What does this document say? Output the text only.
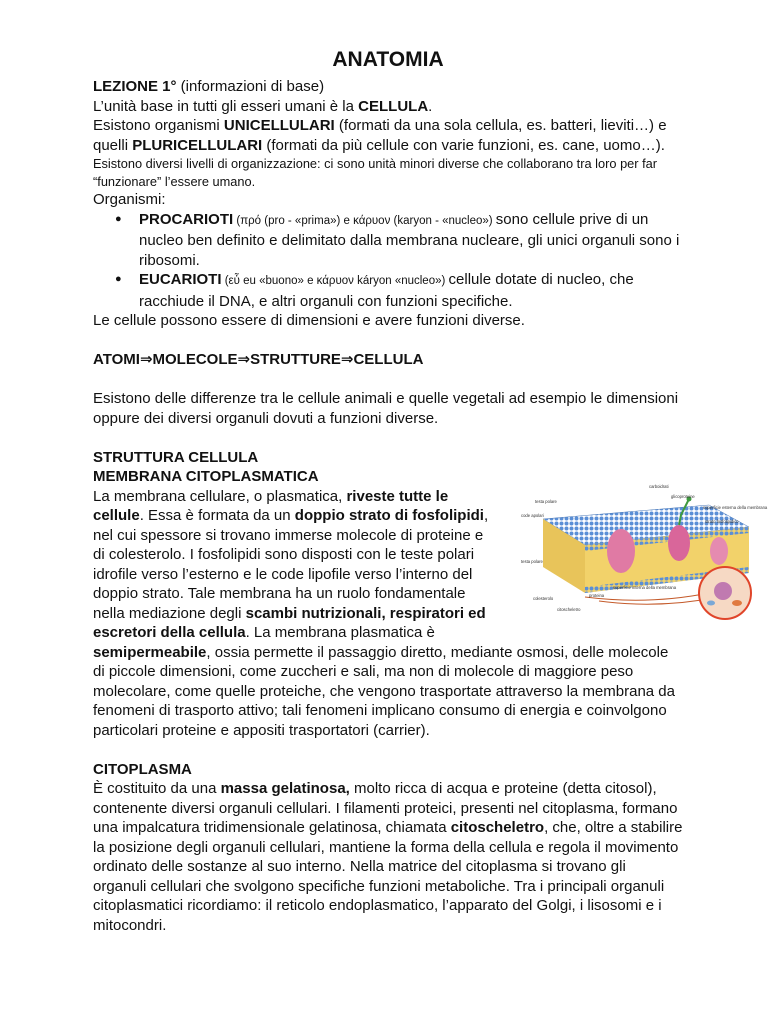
ANATOMIA

LEZIONE 1° (informazioni di base)

L’unità base in tutti gli esseri umani è la CELLULA.

Esistono organismi UNICELLULARI (formati da una sola cellula, es. batteri, lieviti…) e quelli PLURICELLULARI (formati da più cellule con varie funzioni, es. cane, uomo…).

Esistono diversi livelli di organizzazione: ci sono unità minori diverse che collaborano tra loro per far “funzionare” l’essere umano.

Organismi:

● PROCARIOTI (πρό (pro - «prima») e κάρυον (karyon - «nucleo») sono cellule prive di un nucleo ben definito e delimitato dalla membrana nucleare, gli unici organuli sono i ribosomi.
● EUCARIOTI (εὖ eu «buono» e κάρυον káryon «nucleo») cellule dotate di nucleo, che racchiude il DNA, e altri organuli con funzioni specifiche.

Le cellule possono essere di dimensioni e avere funzioni diverse.

ATOMI⇒MOLECOLE⇒STRUTTURE⇒CELLULA

Esistono delle differenze tra le cellule animali e quelle vegetali ad esempio le dimensioni oppure dei diversi organuli dovuti a funzioni diverse.

STRUTTURA CELLULA

MEMBRANA CITOPLASMATICA

carboidrati
glicoproteine
testa polare
code apolari
superficie esterna della membrana
strato fosfolipidico
testa polare
superficie interna della membrana
proteina
colesterolo
citoscheletro

La membrana cellulare, o plasmatica, riveste tutte le cellule. Essa è formata da un doppio strato di fosfolipidi, nel cui spessore si trovano immerse molecole di proteine e di colesterolo. I fosfolipidi sono disposti con le teste polari idrofile verso l’esterno e le code lipofile verso l’interno del doppio strato. Tale membrana ha un ruolo fondamentale nella mediazione degli scambi nutrizionali, respiratori ed escretori della cellula. La membrana plasmatica è semipermeabile, ossia permette il passaggio diretto, mediante osmosi, delle molecole di piccole dimensioni, come zuccheri e sali, ma non di molecole di maggiore peso molecolare, come quelle proteiche, che vengono trasportate attraverso la membrana da fenomeni di trasporto attivo; tali fenomeni implicano consumo di energia e coinvolgono particolari proteine e appositi trasportatori (carrier).

CITOPLASMA

È costituito da una massa gelatinosa, molto ricca di acqua e proteine (detta citosol), contenente diversi organuli cellulari. I filamenti proteici, presenti nel citoplasma, formano una impalcatura tridimensionale gelatinosa, chiamata citoscheletro, che, oltre a stabilire la posizione degli organuli cellulari, mantiene la forma della cellula e regola il movimento ordinato delle sostanze al suo interno. Nella matrice del citoplasma si trovano gli organuli cellulari che svolgono specifiche funzioni metaboliche. Tra i principali organuli citoplasmatici ricordiamo: il reticolo endoplasmatico, l’apparato del Golgi, i lisosomi e i mitocondri.
